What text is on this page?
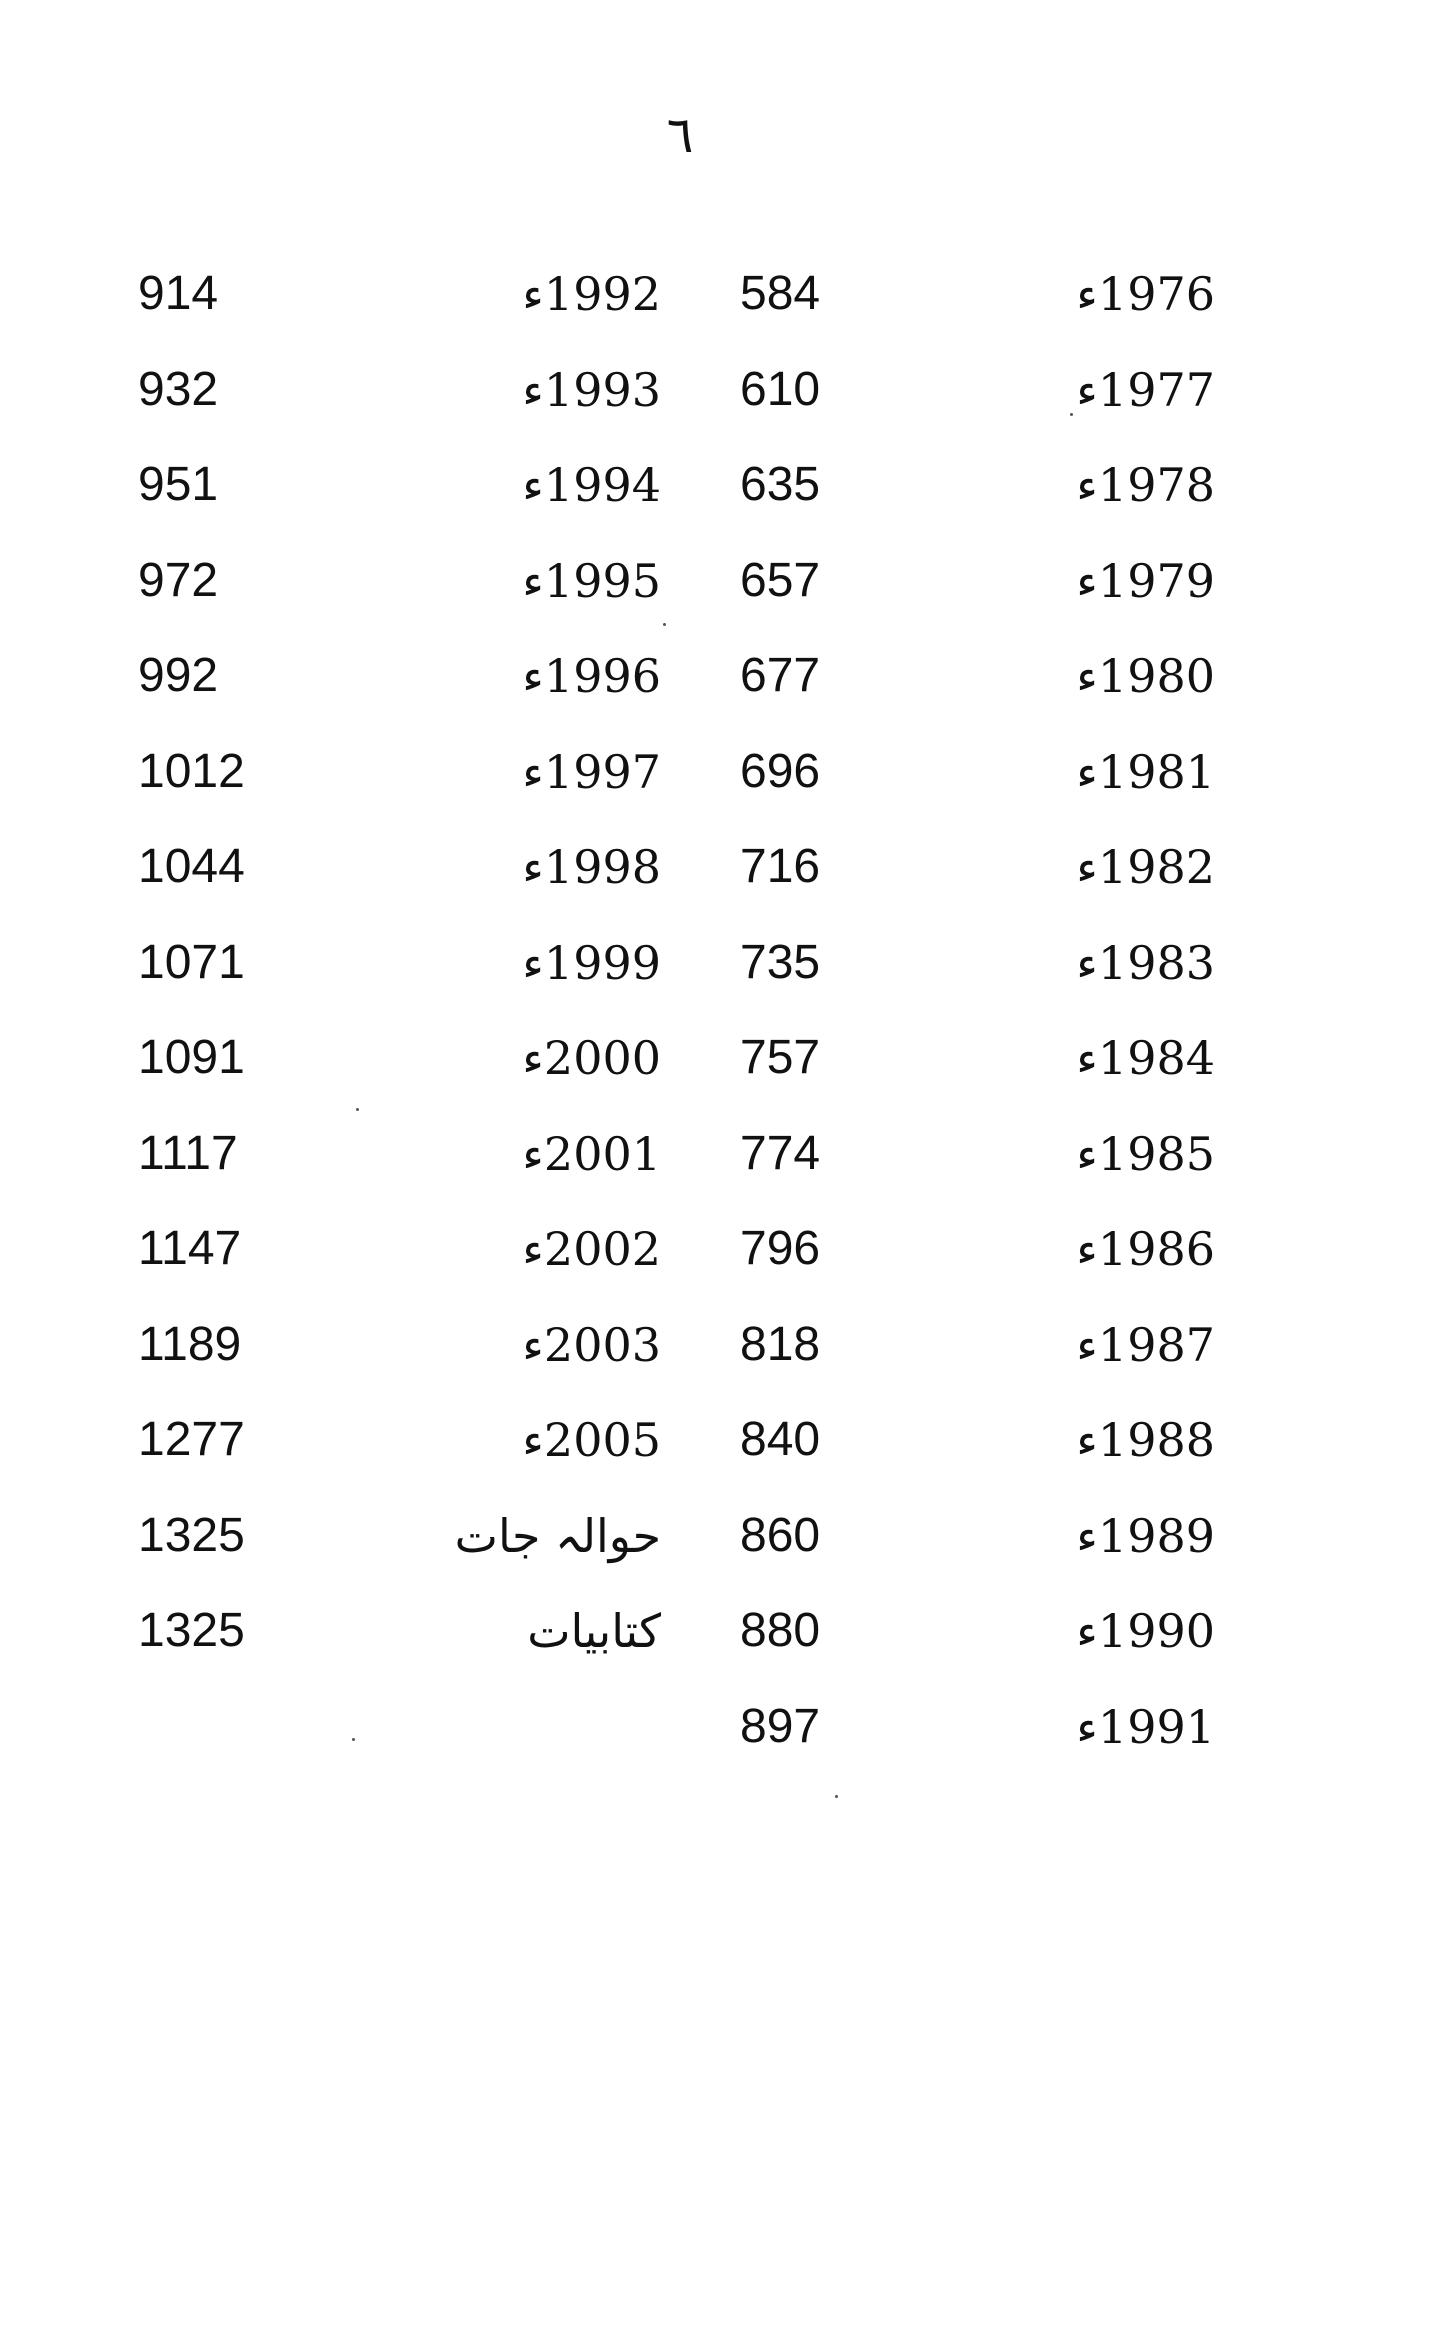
٦
914
932
951
972
992
1012
1044
1071
1091
1117
1147
1189
1277
1325
1325
1992ء
1993ء
1994ء
1995ء
1996ء
1997ء
1998ء
1999ء
2000ء
2001ء
2002ء
2003ء
2005ء
حوالہ جات
کتابیات
584
610
635
657
677
696
716
735
757
774
796
818
840
860
880
897
1976ء
1977ء
1978ء
1979ء
1980ء
1981ء
1982ء
1983ء
1984ء
1985ء
1986ء
1987ء
1988ء
1989ء
1990ء
1991ء
